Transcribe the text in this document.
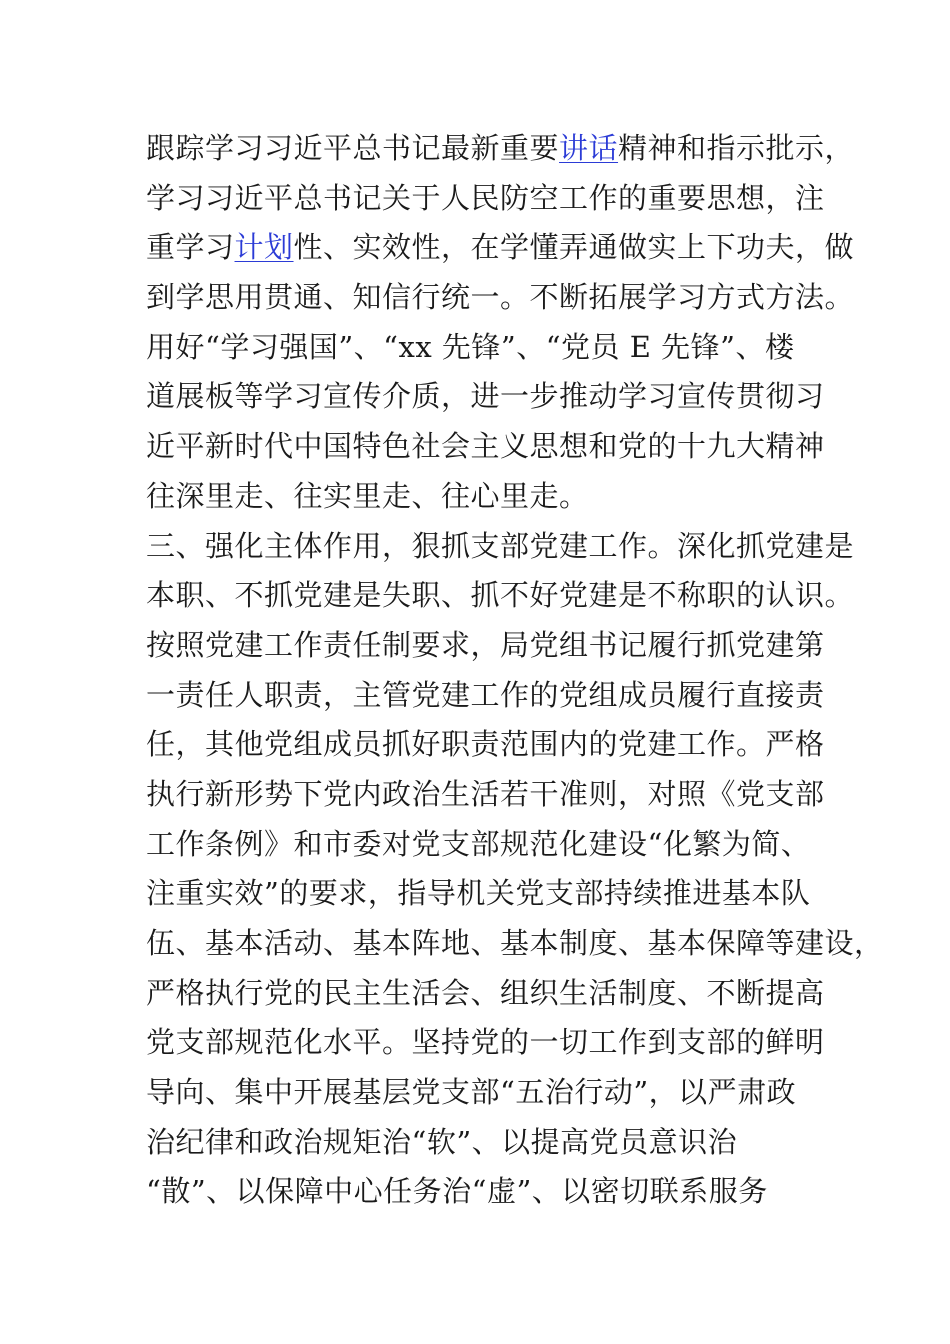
跟踪学习习近平总书记最新重要讲话精神和指示批示，
学习习近平总书记关于人民防空工作的重要思想，注
重学习计划性、实效性，在学懂弄通做实上下功夫，做
到学思用贯通、知信行统一。不断拓展学习方式方法。
用好“学习强国”、“xx 先锋”、“党员 E 先锋”、楼
道展板等学习宣传介质，进一步推动学习宣传贯彻习
近平新时代中国特色社会主义思想和党的十九大精神
往深里走、往实里走、往心里走。
三、强化主体作用，狠抓支部党建工作。深化抓党建是
本职、不抓党建是失职、抓不好党建是不称职的认识。
按照党建工作责任制要求，局党组书记履行抓党建第
一责任人职责，主管党建工作的党组成员履行直接责
任，其他党组成员抓好职责范围内的党建工作。严格
执行新形势下党内政治生活若干准则，对照《党支部
工作条例》和市委对党支部规范化建设“化繁为简、
注重实效”的要求，指导机关党支部持续推进基本队
伍、基本活动、基本阵地、基本制度、基本保障等建设，
严格执行党的民主生活会、组织生活制度、不断提高
党支部规范化水平。坚持党的一切工作到支部的鲜明
导向、集中开展基层党支部“五治行动”，以严肃政
治纪律和政治规矩治“软”、以提高党员意识治
“散”、以保障中心任务治“虚”、以密切联系服务
